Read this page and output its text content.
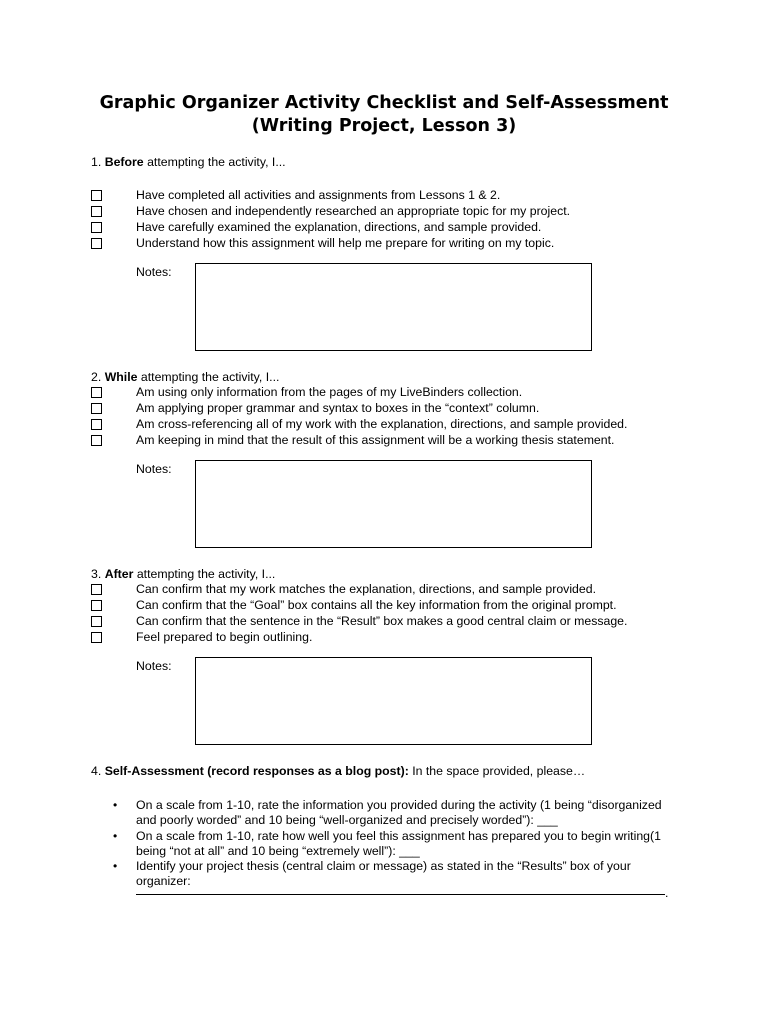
Graphic Organizer Activity Checklist and Self-Assessment
(Writing Project, Lesson 3)
1. Before attempting the activity, I...
Have completed all activities and assignments from Lessons 1 & 2.
Have chosen and independently researched an appropriate topic for my project.
Have carefully examined the explanation, directions, and sample provided.
Understand how this assignment will help me prepare for writing on my topic.
Notes:
2. While attempting the activity, I...
Am using only information from the pages of my LiveBinders collection.
Am applying proper grammar and syntax to boxes in the “context” column.
Am cross-referencing all of my work with the explanation, directions, and sample provided.
Am keeping in mind that the result of this assignment will be a working thesis statement.
Notes:
3. After attempting the activity, I...
Can confirm that my work matches the explanation, directions, and sample provided.
Can confirm that the “Goal” box contains all the key information from the original prompt.
Can confirm that the sentence in the “Result” box makes a good central claim or message.
Feel prepared to begin outlining.
Notes:
4. Self-Assessment (record responses as a blog post): In the space provided, please…
• On a scale from 1-10, rate the information you provided during the activity (1 being “disorganized
and poorly worded” and 10 being “well-organized and precisely worded”): ___
• On a scale from 1-10, rate how well you feel this assignment has prepared you to begin writing(1
being “not at all” and 10 being “extremely well”): ___
• Identify your project thesis (central claim or message) as stated in the “Results” box of your
organizer:
.
